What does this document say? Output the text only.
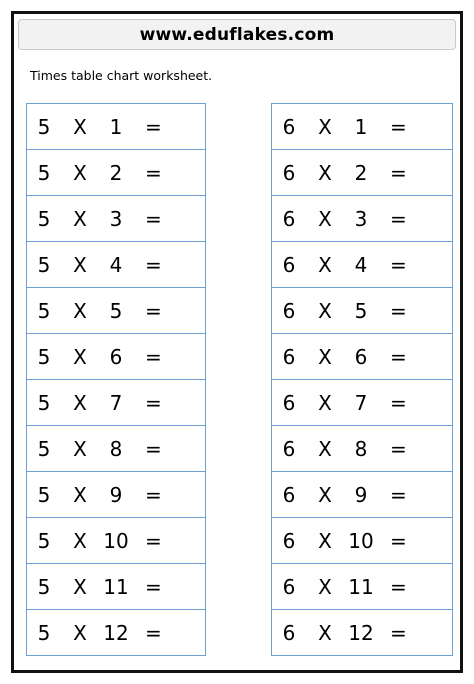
www.eduflakes.com
Times table chart worksheet.
5 X	1	=
5 X	2	=
5 X	3	=
5 X	4	=
5 X	5	=
5 X	6	=
5 X	7	=
5 X	8	=
5 X	9	=
5 X 10 =
5 X 11 =
5 X 12 =
6 X	1	=
6 X	2	=
6 X	3	=
6 X	4	=
6 X	5	=
6 X	6	=
6 X	7	=
6 X	8	=
6 X	9	=
6 X 10 =
6 X 11 =
6 X 12 =
